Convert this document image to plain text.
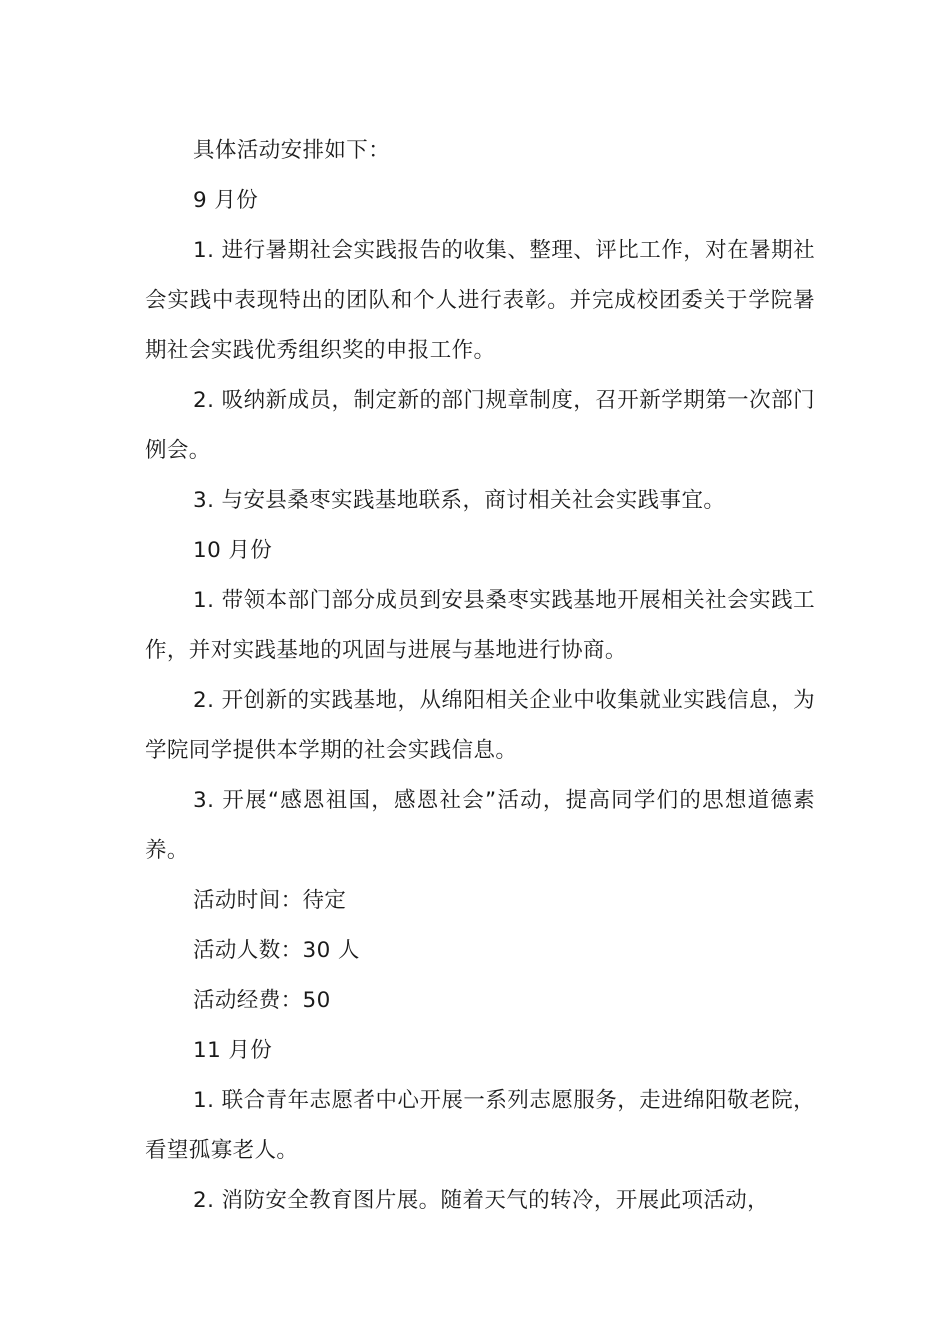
具体活动安排如下：

9 月份

1. 进行暑期社会实践报告的收集、整理、评比工作，对在暑期社会实践中表现特出的团队和个人进行表彰。并完成校团委关于学院暑期社会实践优秀组织奖的申报工作。

2. 吸纳新成员，制定新的部门规章制度，召开新学期第一次部门例会。

3. 与安县桑枣实践基地联系，商讨相关社会实践事宜。

10 月份

1. 带领本部门部分成员到安县桑枣实践基地开展相关社会实践工作，并对实践基地的巩固与进展与基地进行协商。

2. 开创新的实践基地，从绵阳相关企业中收集就业实践信息，为学院同学提供本学期的社会实践信息。

3. 开展“感恩祖国，感恩社会”活动，提高同学们的思想道德素养。

活动时间：待定

活动人数：30 人

活动经费：50

11 月份

1. 联合青年志愿者中心开展一系列志愿服务，走进绵阳敬老院，看望孤寡老人。

2. 消防安全教育图片展。随着天气的转冷，开展此项活动，
